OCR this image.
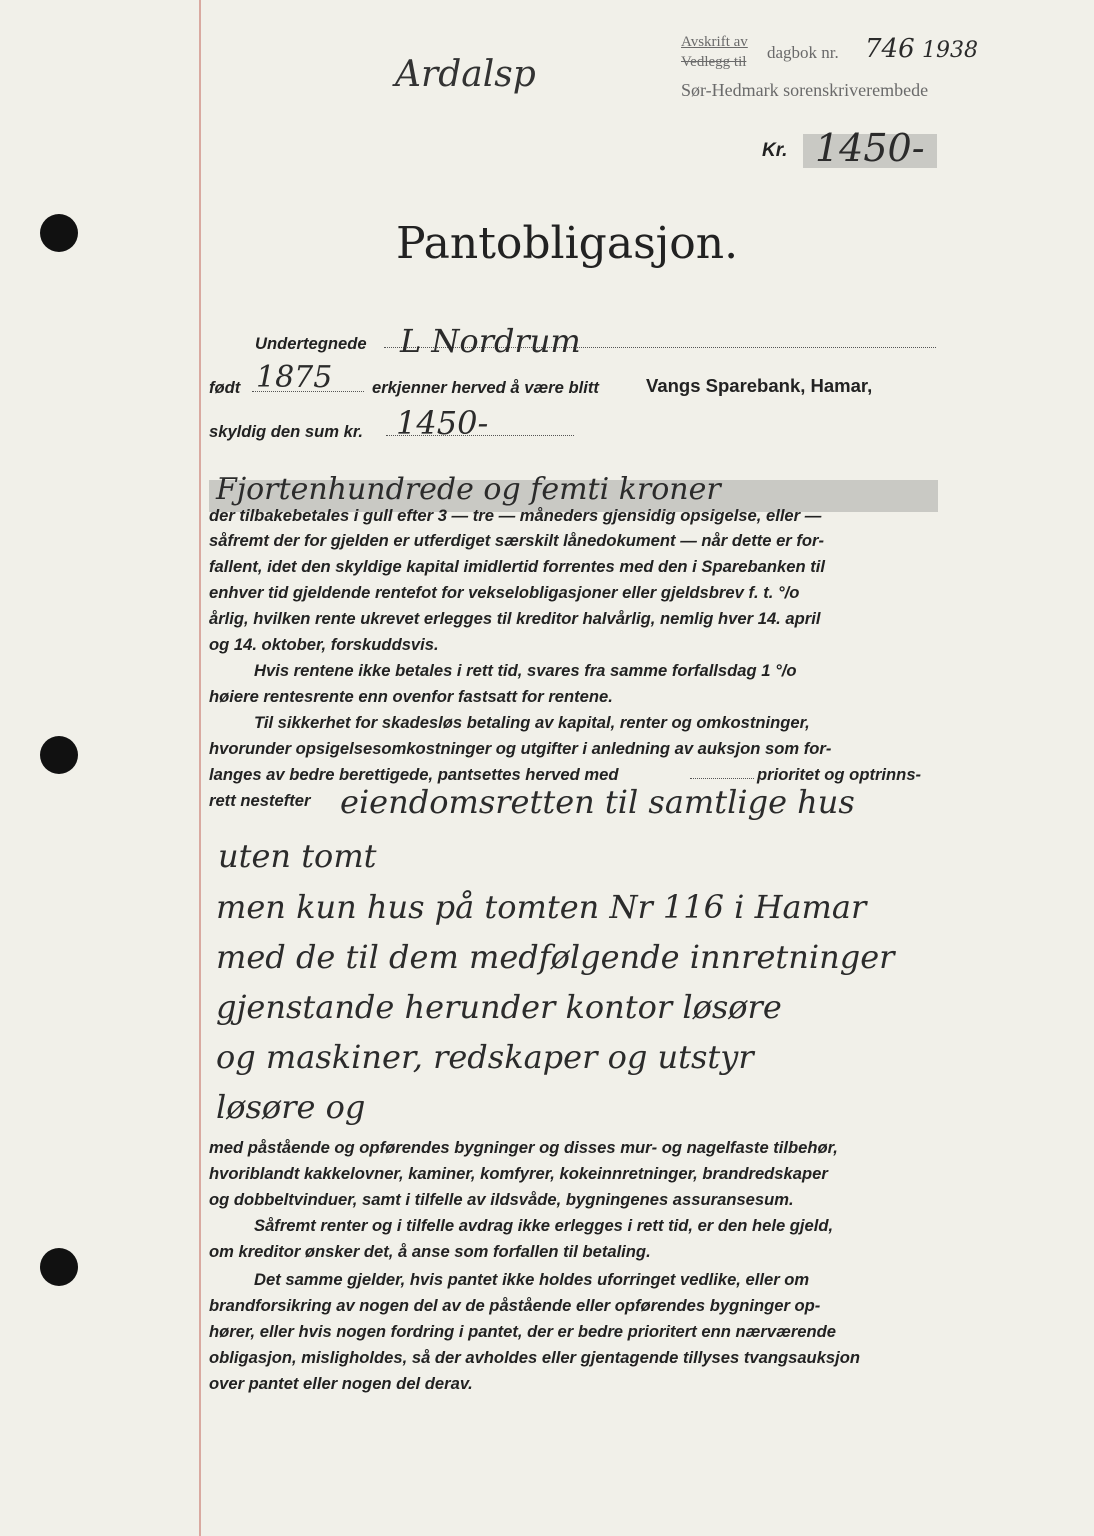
Avskrift av
Vedlegg til dagbok nr. 746 1938
Sør-Hedmark sorenskriverembede
Ardalsp
Kr. 1450-
Pantobligasjon.
Undertegnede L Nordrum
født 1875 erkjenner herved å være blitt	Vangs Sparebank, Hamar,
skyldig den sum kr. 1450-
Fjortenhundrede og femti kroner
der tilbakebetales i gull efter 3 — tre — måneders gjensidig opsigelse, eller —
såfremt der for gjelden er utferdiget særskilt lånedokument — når dette er for-
fallent, idet den skyldige kapital imidlertid forrentes med den i Sparebanken til
enhver tid gjeldende rentefot for vekselobligasjoner eller gjeldsbrev f. t. °/o
årlig, hvilken rente ukrevet erlegges til kreditor halvårlig, nemlig hver 14. april
og 14. oktober, forskuddsvis.
Hvis rentene ikke betales i rett tid, svares fra samme forfallsdag 1 °/o
høiere rentesrente enn ovenfor fastsatt for rentene.
Til sikkerhet for skadesløs betaling av kapital, renter og omkostninger,
hvorunder opsigelsesomkostninger og utgifter i anledning av auksjon som for-
langes av bedre berettigede, pantsettes herved med	prioritet og optrinns-
rett nestefter eiendomsretten til samtlige hus
uten tomt
men kun hus på tomten Nr 116 i Hamar
med de til dem medfølgende innretninger
gjenstande herunder kontor løsøre
og maskiner, redskaper og utstyr
løsøre og
med påstående og opførendes bygninger og disses mur- og nagelfaste tilbehør,
hvoriblandt kakkelovner, kaminer, komfyrer, kokeinnretninger, brandredskaper
og dobbeltvinduer, samt i tilfelle av ildsvåde, bygningenes assuransesum.
Såfremt renter og i tilfelle avdrag ikke erlegges i rett tid, er den hele gjeld,
om kreditor ønsker det, å anse som forfallen til betaling.
Det samme gjelder, hvis pantet ikke holdes uforringet vedlike, eller om
brandforsikring av nogen del av de påstående eller opførendes bygninger op-
hører, eller hvis nogen fordring i pantet, der er bedre prioritert enn nærværende
obligasjon, misligholdes, så der avholdes eller gjentagende tillyses tvangsauksjon
over pantet eller nogen del derav.
